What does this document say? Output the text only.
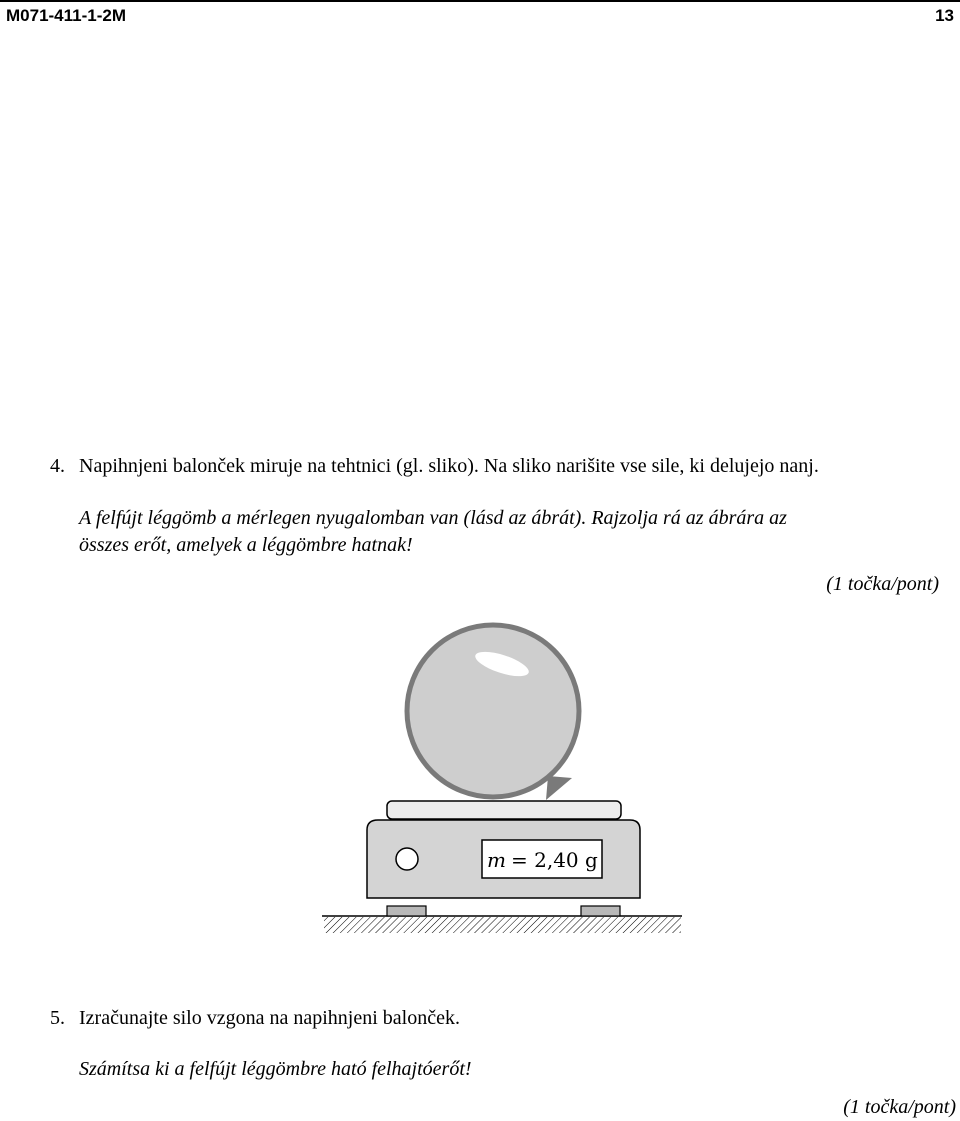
M071-411-1-2M	13
4. Napihnjeni balonček miruje na tehtnici (gl. sliko). Na sliko narišite vse sile, ki delujejo nanj.
A felfújt léggömb a mérlegen nyugalomban van (lásd az ábrát). Rajzolja rá az ábrára az
összes erőt, amelyek a léggömbre hatnak!
(1 točka/pont)
m = 2,40 g
5. Izračunajte silo vzgona na napihnjeni balonček.
Számítsa ki a felfújt léggömbre ható felhajtóerőt!
(1 točka/pont)
